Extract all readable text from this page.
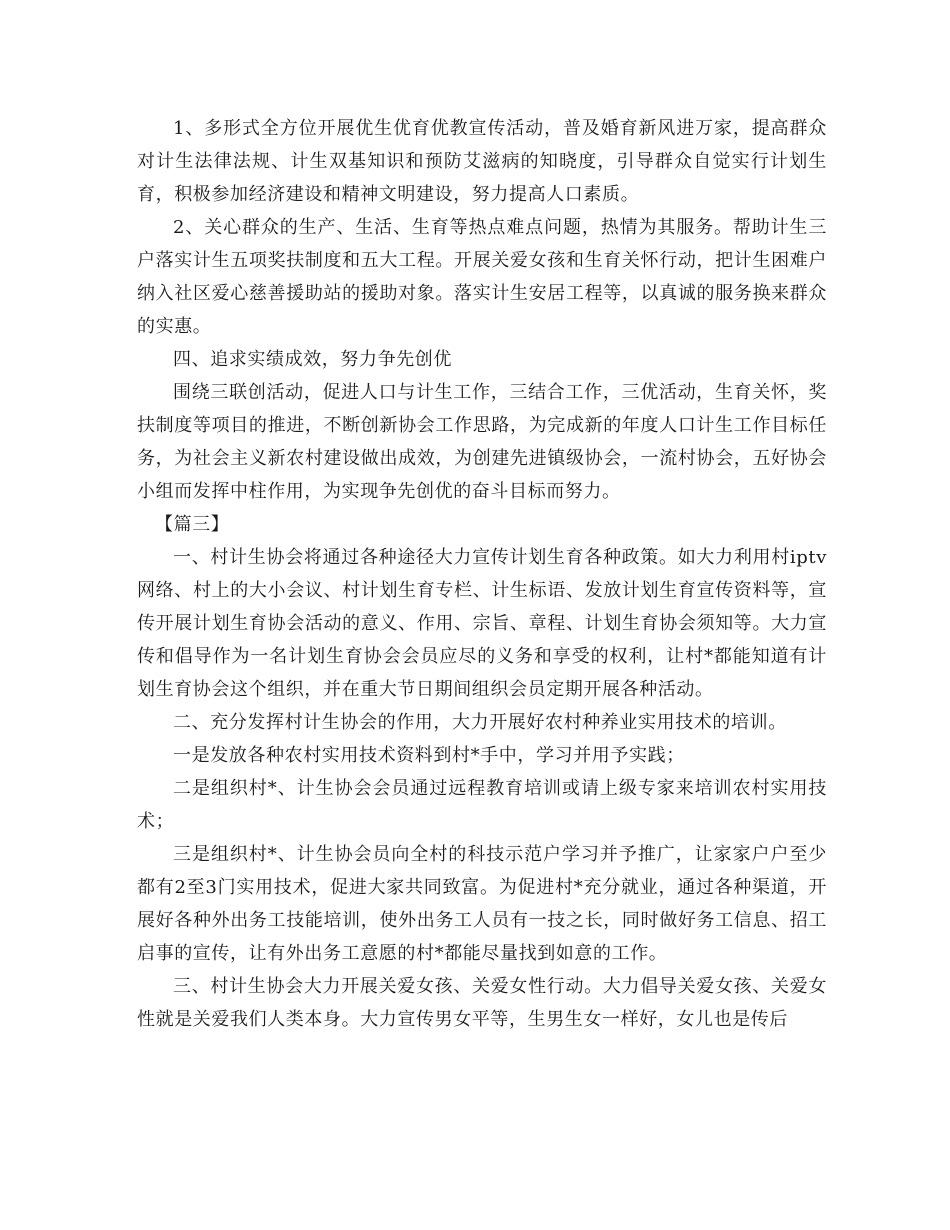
1、多形式全方位开展优生优育优教宣传活动，普及婚育新风进万家，提高群众对计生法律法规、计生双基知识和预防艾滋病的知晓度，引导群众自觉实行计划生育，积极参加经济建设和精神文明建设，努力提高人口素质。

2、关心群众的生产、生活、生育等热点难点问题，热情为其服务。帮助计生三户落实计生五项奖扶制度和五大工程。开展关爱女孩和生育关怀行动，把计生困难户纳入社区爱心慈善援助站的援助对象。落实计生安居工程等，以真诚的服务换来群众的实惠。

四、追求实绩成效，努力争先创优

围绕三联创活动，促进人口与计生工作，三结合工作，三优活动，生育关怀，奖扶制度等项目的推进，不断创新协会工作思路，为完成新的年度人口计生工作目标任务，为社会主义新农村建设做出成效，为创建先进镇级协会，一流村协会，五好协会小组而发挥中柱作用，为实现争先创优的奋斗目标而努力。

【篇三】

一、村计生协会将通过各种途径大力宣传计划生育各种政策。如大力利用村iptv网络、村上的大小会议、村计划生育专栏、计生标语、发放计划生育宣传资料等，宣传开展计划生育协会活动的意义、作用、宗旨、章程、计划生育协会须知等。大力宣传和倡导作为一名计划生育协会会员应尽的义务和享受的权利，让村*都能知道有计划生育协会这个组织，并在重大节日期间组织会员定期开展各种活动。

二、充分发挥村计生协会的作用，大力开展好农村种养业实用技术的培训。

一是发放各种农村实用技术资料到村*手中，学习并用予实践；

二是组织村*、计生协会会员通过远程教育培训或请上级专家来培训农村实用技术；

三是组织村*、计生协会员向全村的科技示范户学习并予推广，让家家户户至少都有2至3门实用技术，促进大家共同致富。为促进村*充分就业，通过各种渠道，开展好各种外出务工技能培训，使外出务工人员有一技之长，同时做好务工信息、招工启事的宣传，让有外出务工意愿的村*都能尽量找到如意的工作。

三、村计生协会大力开展关爱女孩、关爱女性行动。大力倡导关爱女孩、关爱女性就是关爱我们人类本身。大力宣传男女平等，生男生女一样好，女儿也是传后
